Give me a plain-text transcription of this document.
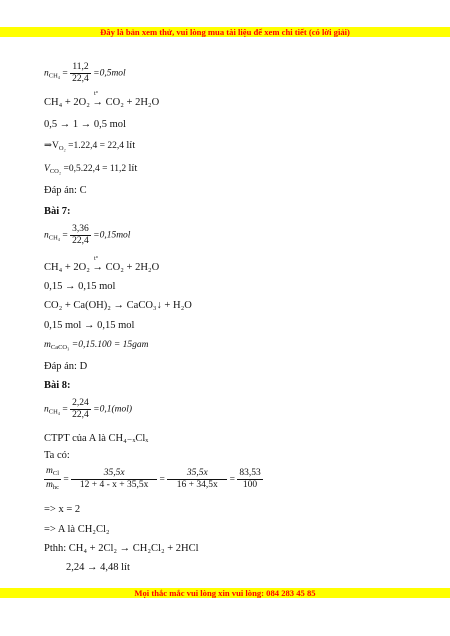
Đây là bản xem thử, vui lòng mua tài liệu để xem chi tiết (có lời giải)
$n_{CH_4} = \frac{11,2}{22,4} =0,5mol$
CH₄ + 2O₂ → CO₂ + 2H₂O
t°
0,5 → 1 → 0,5 mol
$\Rightarrow V_{O_2} =1.22,4 = 22,4$ lít
$V_{CO_2} =0,5.22,4 = 11,2$ lít
Đáp án: C
Bài 7:
$n_{CH_4} = \frac{3,36}{22,4} =0,15mol$
CH₄ + 2O₂ → CO₂ + 2H₂O
t°
0,15 → 0,15 mol
CO₂ + Ca(OH)₂ → CaCO₃↓ + H₂O
0,15 mol → 0,15 mol
$m_{CaCO_3} =0,15.100 = 15gam$
Đáp án: D
Bài 8:
$n_{CH_4} = \frac{2,24}{22,4} =0,1(mol)$
CTPT của A là CH₄₋ₓClₓ
Ta có:
$\frac{m_{Cl}}{m_{hc}} = \frac{35,5x}{12 + 4 - x + 35,5x} = \frac{35,5x}{16 + 34,5x} = \frac{83,53}{100}$
=> x = 2
=> A là CH₂Cl₂
Pthh: CH₄ + 2Cl₂ → CH₂Cl₂ + 2HCl
2,24 → 4,48 lít
Mọi thắc mắc vui lòng xin vui lòng: 084 283 45 85
